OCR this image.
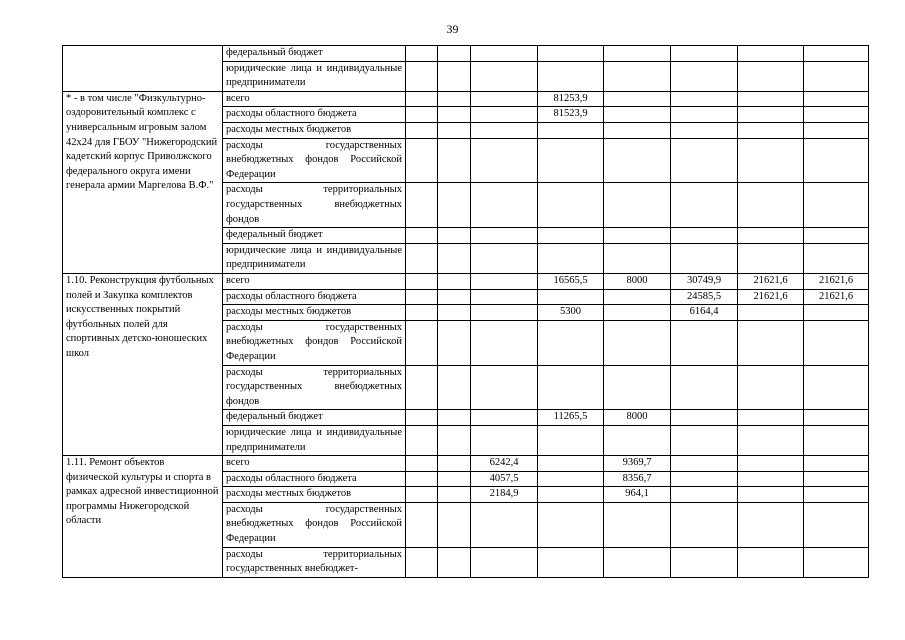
39
	федеральный бюджет								
	юридические лица и индивидуальные предприниматели								
* - в том числе "Физкультурно-оздоровительный комплекс с универсальным игровым залом 42х24 для ГБОУ "Нижегородский кадетский корпус Приволжского федерального округа имени генерала армии Маргелова В.Ф."	всего				81253,9				
	расходы областного бюджета				81523,9				
	расходы местных бюджетов								
	расходы государственных внебюджетных фондов Российской Федерации								
	расходы территориальных государственных внебюджетных фондов								
	федеральный бюджет								
	юридические лица и индивидуальные предприниматели								
1.10. Реконструкция футбольных полей и Закупка комплектов искусственных покрытий футбольных полей для спортивных детско-юношеских школ	всего				16565,5	8000	30749,9	21621,6	21621,6
	расходы областного бюджета						24585,5	21621,6	21621,6
	расходы местных бюджетов				5300		6164,4		
	расходы государственных внебюджетных фондов Российской Федерации								
	расходы территориальных государственных внебюджетных фондов								
	федеральный бюджет				11265,5	8000			
	юридические лица и индивидуальные предприниматели								
1.11. Ремонт объектов физической культуры и спорта в рамках адресной инвестиционной программы Нижегородской области	всего			6242,4		9369,7			
	расходы областного бюджета			4057,5		8356,7			
	расходы местных бюджетов			2184,9		964,1			
	расходы государственных внебюджетных фондов Российской Федерации								
	расходы территориальных государственных внебюджет-								
